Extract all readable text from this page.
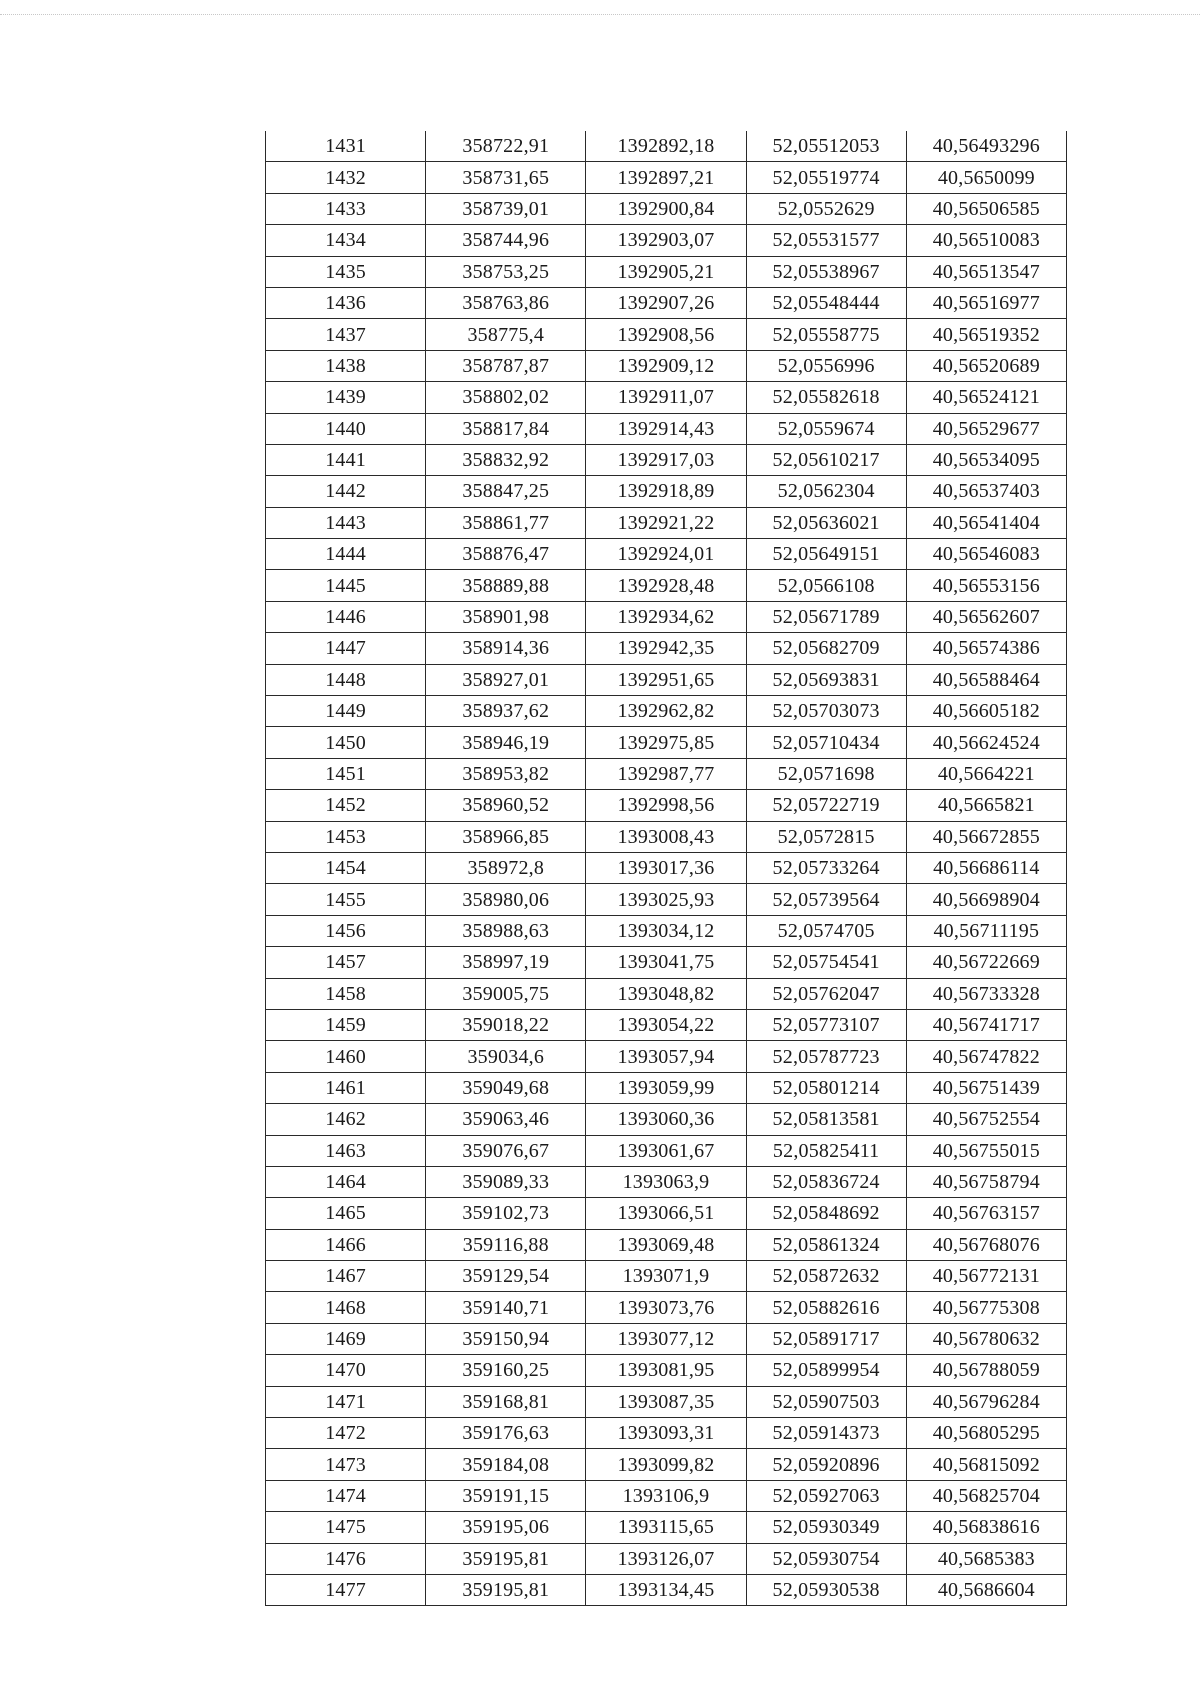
1431	358722,91	1392892,18	52,05512053	40,56493296
1432	358731,65	1392897,21	52,05519774	40,5650099
1433	358739,01	1392900,84	52,0552629	40,56506585
1434	358744,96	1392903,07	52,05531577	40,56510083
1435	358753,25	1392905,21	52,05538967	40,56513547
1436	358763,86	1392907,26	52,05548444	40,56516977
1437	358775,4	1392908,56	52,05558775	40,56519352
1438	358787,87	1392909,12	52,0556996	40,56520689
1439	358802,02	1392911,07	52,05582618	40,56524121
1440	358817,84	1392914,43	52,0559674	40,56529677
1441	358832,92	1392917,03	52,05610217	40,56534095
1442	358847,25	1392918,89	52,0562304	40,56537403
1443	358861,77	1392921,22	52,05636021	40,56541404
1444	358876,47	1392924,01	52,05649151	40,56546083
1445	358889,88	1392928,48	52,0566108	40,56553156
1446	358901,98	1392934,62	52,05671789	40,56562607
1447	358914,36	1392942,35	52,05682709	40,56574386
1448	358927,01	1392951,65	52,05693831	40,56588464
1449	358937,62	1392962,82	52,05703073	40,56605182
1450	358946,19	1392975,85	52,05710434	40,56624524
1451	358953,82	1392987,77	52,0571698	40,5664221
1452	358960,52	1392998,56	52,05722719	40,5665821
1453	358966,85	1393008,43	52,0572815	40,56672855
1454	358972,8	1393017,36	52,05733264	40,56686114
1455	358980,06	1393025,93	52,05739564	40,56698904
1456	358988,63	1393034,12	52,0574705	40,56711195
1457	358997,19	1393041,75	52,05754541	40,56722669
1458	359005,75	1393048,82	52,05762047	40,56733328
1459	359018,22	1393054,22	52,05773107	40,56741717
1460	359034,6	1393057,94	52,05787723	40,56747822
1461	359049,68	1393059,99	52,05801214	40,56751439
1462	359063,46	1393060,36	52,05813581	40,56752554
1463	359076,67	1393061,67	52,05825411	40,56755015
1464	359089,33	1393063,9	52,05836724	40,56758794
1465	359102,73	1393066,51	52,05848692	40,56763157
1466	359116,88	1393069,48	52,05861324	40,56768076
1467	359129,54	1393071,9	52,05872632	40,56772131
1468	359140,71	1393073,76	52,05882616	40,56775308
1469	359150,94	1393077,12	52,05891717	40,56780632
1470	359160,25	1393081,95	52,05899954	40,56788059
1471	359168,81	1393087,35	52,05907503	40,56796284
1472	359176,63	1393093,31	52,05914373	40,56805295
1473	359184,08	1393099,82	52,05920896	40,56815092
1474	359191,15	1393106,9	52,05927063	40,56825704
1475	359195,06	1393115,65	52,05930349	40,56838616
1476	359195,81	1393126,07	52,05930754	40,5685383
1477	359195,81	1393134,45	52,05930538	40,5686604
